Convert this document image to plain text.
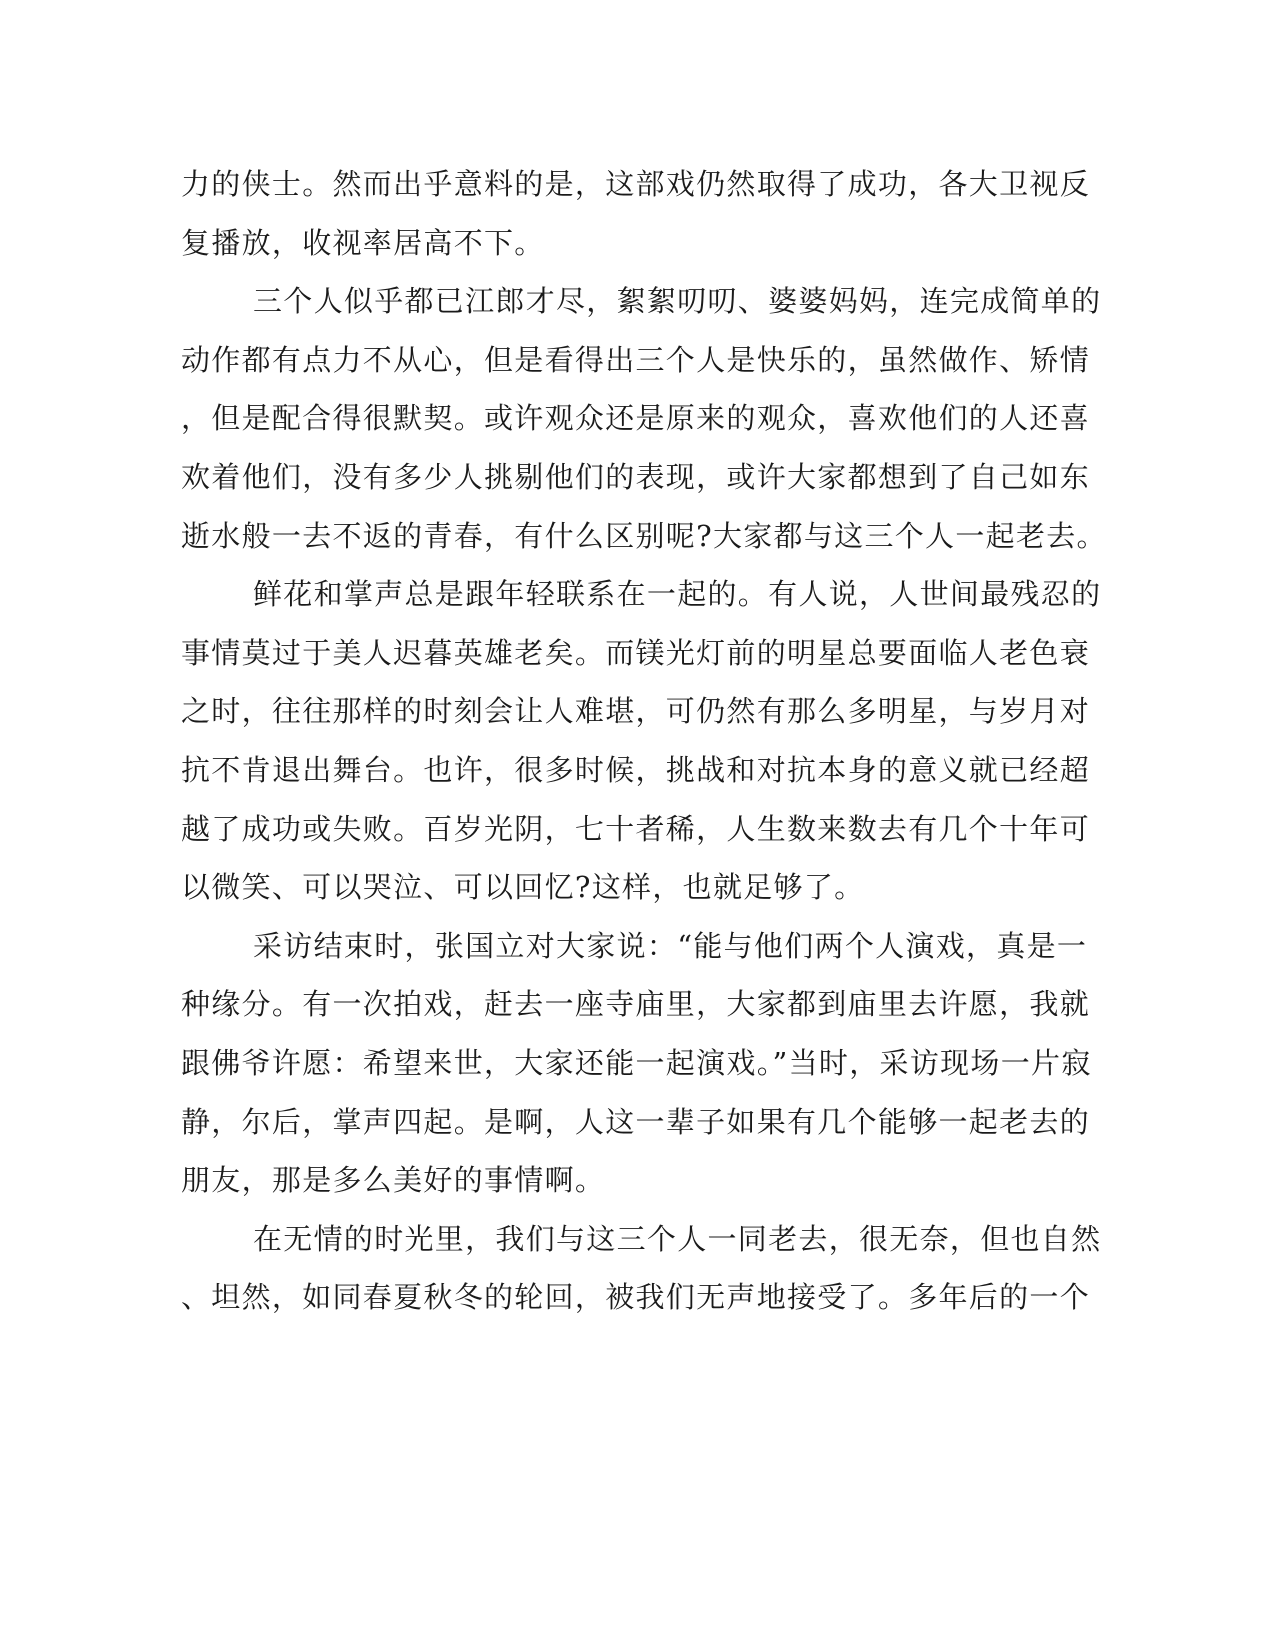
力的侠士。然而出乎意料的是，这部戏仍然取得了成功，各大卫视反
复播放，收视率居高不下。
三个人似乎都已江郎才尽，絮絮叨叨、婆婆妈妈，连完成简单的
动作都有点力不从心，但是看得出三个人是快乐的，虽然做作、矫情
，但是配合得很默契。或许观众还是原来的观众，喜欢他们的人还喜
欢着他们，没有多少人挑剔他们的表现，或许大家都想到了自己如东
逝水般一去不返的青春，有什么区别呢?大家都与这三个人一起老去。
鲜花和掌声总是跟年轻联系在一起的。有人说，人世间最残忍的
事情莫过于美人迟暮英雄老矣。而镁光灯前的明星总要面临人老色衰
之时，往往那样的时刻会让人难堪，可仍然有那么多明星，与岁月对
抗不肯退出舞台。也许，很多时候，挑战和对抗本身的意义就已经超
越了成功或失败。百岁光阴，七十者稀，人生数来数去有几个十年可
以微笑、可以哭泣、可以回忆?这样，也就足够了。
采访结束时，张国立对大家说：“能与他们两个人演戏，真是一
种缘分。有一次拍戏，赶去一座寺庙里，大家都到庙里去许愿，我就
跟佛爷许愿：希望来世，大家还能一起演戏。”当时，采访现场一片寂
静，尔后，掌声四起。是啊，人这一辈子如果有几个能够一起老去的
朋友，那是多么美好的事情啊。
在无情的时光里，我们与这三个人一同老去，很无奈，但也自然
、坦然，如同春夏秋冬的轮回，被我们无声地接受了。多年后的一个
